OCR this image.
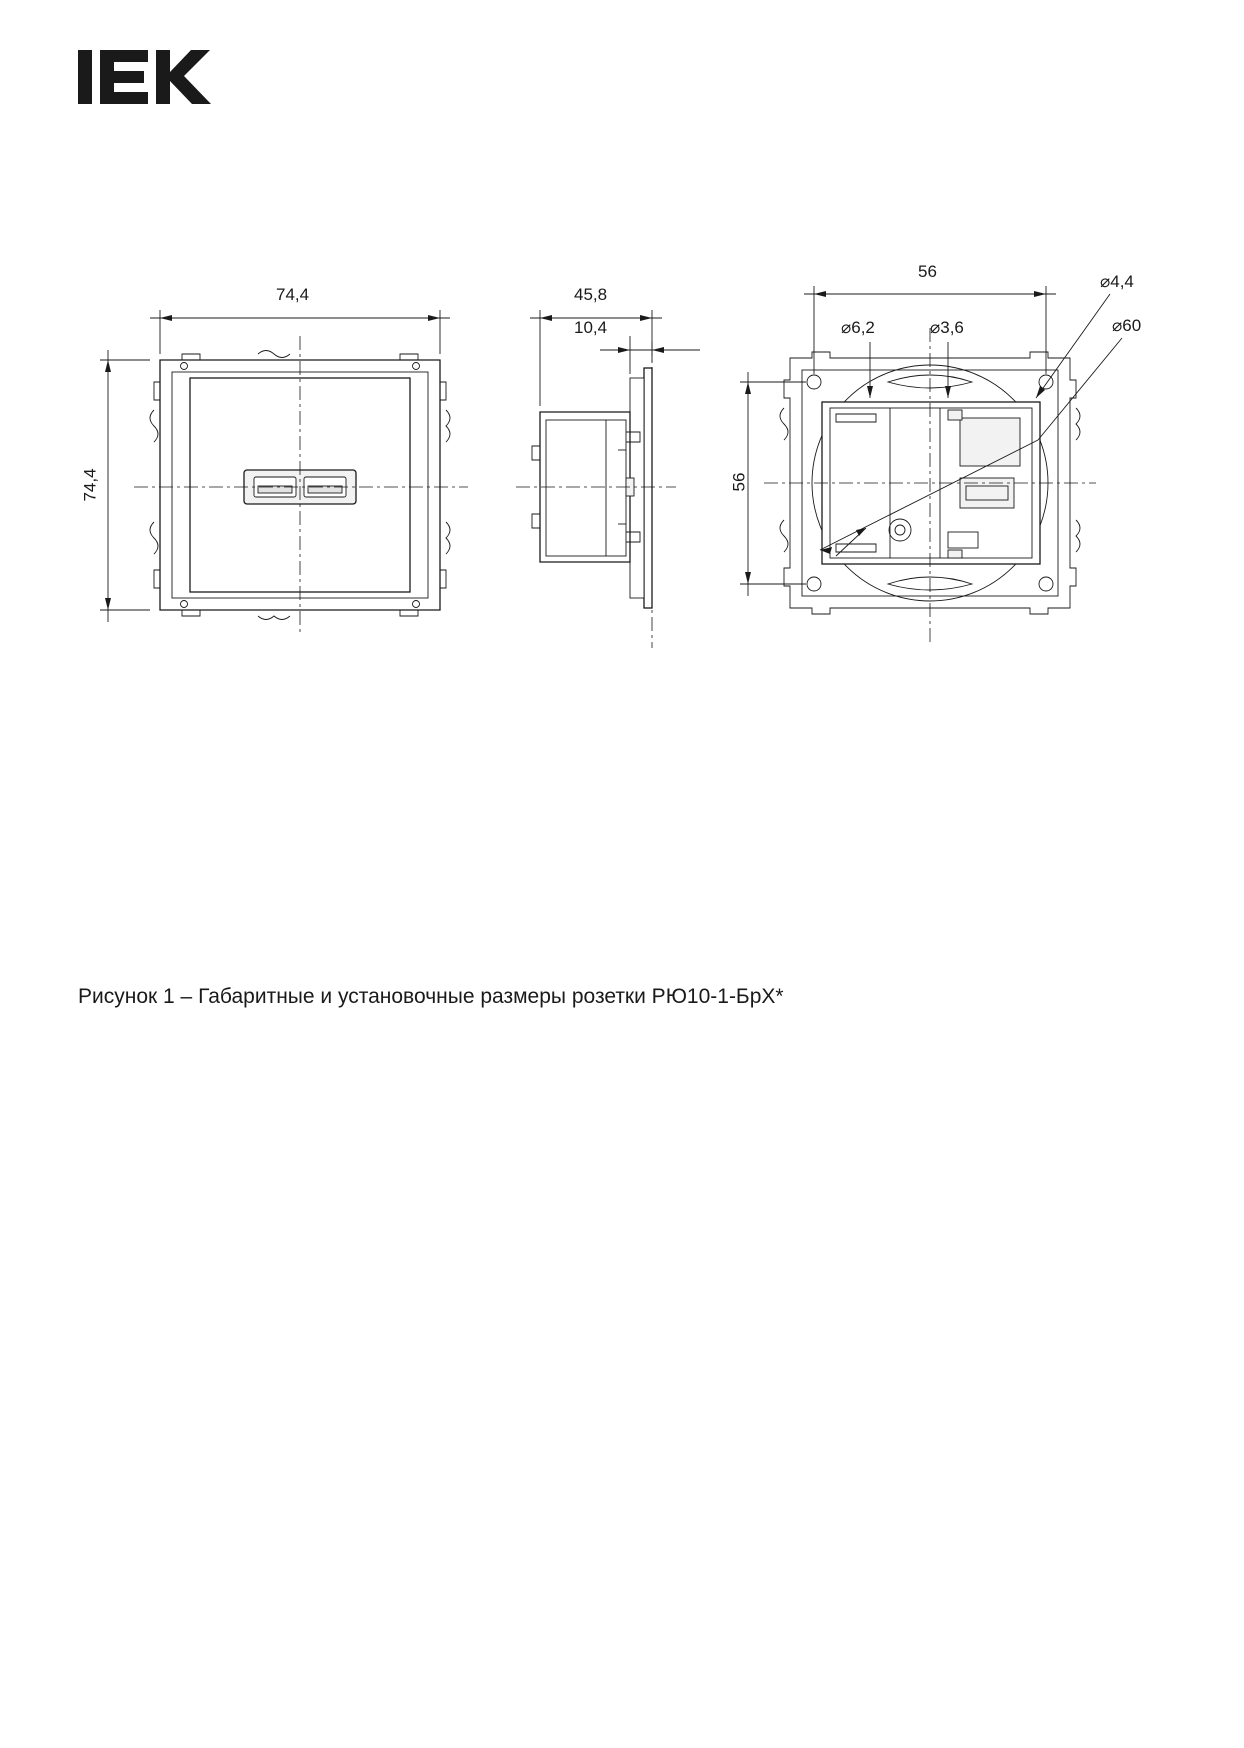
74,4
74,4
45,8
10,4
56
56
⌀6,2	⌀3,6
⌀4,4
⌀60
Рисунок 1 – Габаритные и установочные размеры розетки РЮ10-1-БрХ*
